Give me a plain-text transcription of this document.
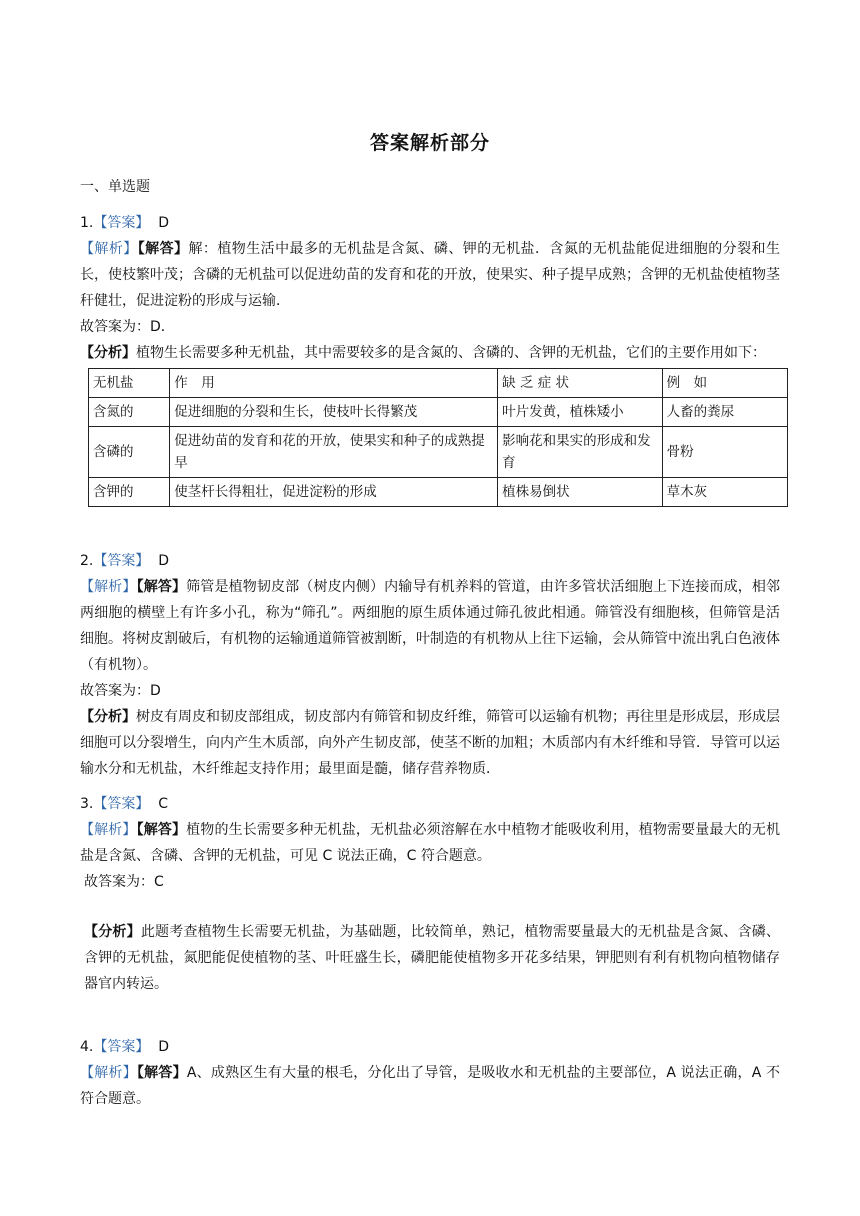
答案解析部分
一、单选题

1.【答案】 D

【解析】【解答】解：植物生活中最多的无机盐是含氮、磷、钾的无机盐．含氮的无机盐能促进细胞的分裂和生长，使枝繁叶茂；含磷的无机盐可以促进幼苗的发育和花的开放，使果实、种子提早成熟；含钾的无机盐使植物茎秆健壮，促进淀粉的形成与运输．

故答案为：D．

【分析】植物生长需要多种无机盐，其中需要较多的是含氮的、含磷的、含钾的无机盐，它们的主要作用如下：

无机盐	作　用	缺 乏 症 状	例　如
含氮的	促进细胞的分裂和生长，使枝叶长得繁茂	叶片发黄，植株矮小	人畜的粪尿
含磷的	促进幼苗的发育和花的开放，使果实和种子的成熟提早	影响花和果实的形成和发育	骨粉
含钾的	使茎杆长得粗壮，促进淀粉的形成	植株易倒状	草木灰

2.【答案】 D

【解析】【解答】筛管是植物韧皮部（树皮内侧）内输导有机养料的管道，由许多管状活细胞上下连接而成，相邻两细胞的横壁上有许多小孔，称为“筛孔”。两细胞的原生质体通过筛孔彼此相通。筛管没有细胞核，但筛管是活细胞。将树皮割破后，有机物的运输通道筛管被割断，叶制造的有机物从上往下运输，会从筛管中流出乳白色液体（有机物）。

故答案为：D

【分析】树皮有周皮和韧皮部组成，韧皮部内有筛管和韧皮纤维，筛管可以运输有机物；再往里是形成层，形成层细胞可以分裂增生，向内产生木质部，向外产生韧皮部，使茎不断的加粗；木质部内有木纤维和导管．导管可以运输水分和无机盐，木纤维起支持作用；最里面是髓，储存营养物质．

3.【答案】 C

【解析】【解答】植物的生长需要多种无机盐，无机盐必须溶解在水中植物才能吸收利用，植物需要量最大的无机盐是含氮、含磷、含钾的无机盐，可见 C 说法正确，C 符合题意。

故答案为：C

【分析】此题考查植物生长需要无机盐，为基础题，比较简单，熟记，植物需要量最大的无机盐是含氮、含磷、含钾的无机盐，氮肥能促使植物的茎、叶旺盛生长，磷肥能使植物多开花多结果，钾肥则有利有机物向植物储存器官内转运。

4.【答案】 D

【解析】【解答】A、成熟区生有大量的根毛，分化出了导管，是吸收水和无机盐的主要部位，A 说法正确，A 不符合题意。
